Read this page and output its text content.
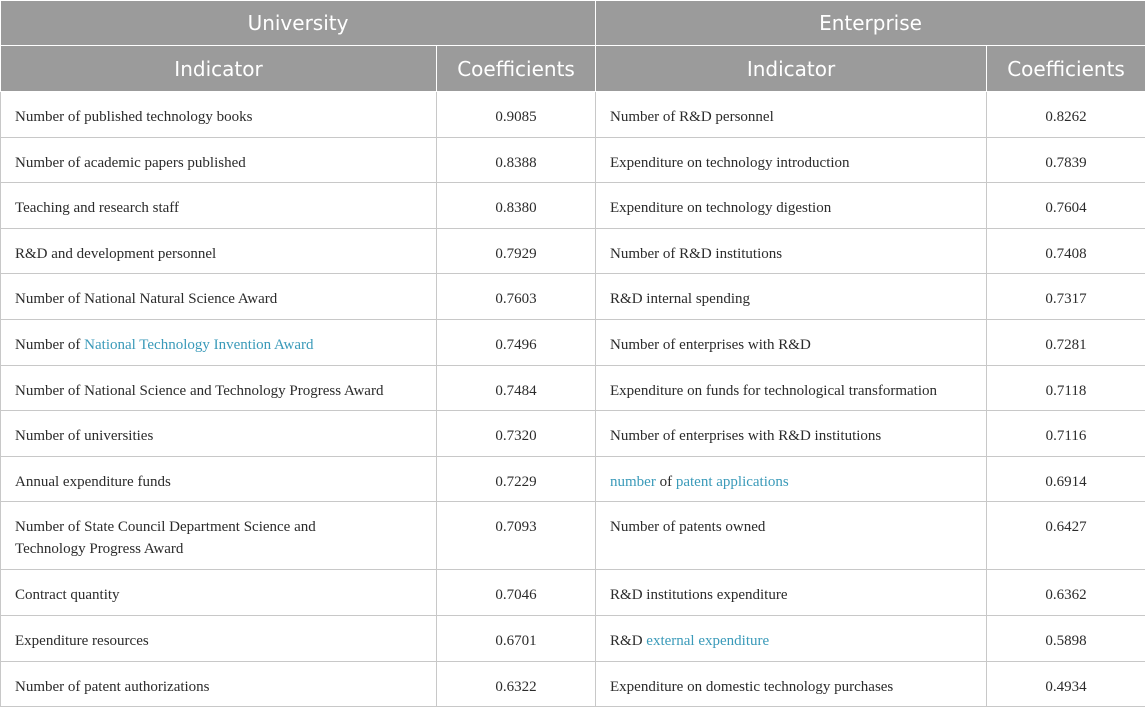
University		Enterprise	
Indicator	Coefficients	Indicator	Coefficients
Number of published technology books	0.9085	Number of R&D personnel	0.8262
Number of academic papers published	0.8388	Expenditure on technology introduction	0.7839
Teaching and research staff	0.8380	Expenditure on technology digestion	0.7604
R&D and development personnel	0.7929	Number of R&D institutions	0.7408
Number of National Natural Science Award	0.7603	R&D internal spending	0.7317
Number of National Technology Invention Award	0.7496	Number of enterprises with R&D	0.7281
Number of National Science and Technology Progress Award	0.7484	Expenditure on funds for technological transformation	0.7118
Number of universities	0.7320	Number of enterprises with R&D institutions	0.7116
Annual expenditure funds	0.7229	number of patent applications	0.6914
Number of State Council Department Science and
Technology Progress Award	0.7093	Number of patents owned	0.6427
Contract quantity	0.7046	R&D institutions expenditure	0.6362
Expenditure resources	0.6701	R&D external expenditure	0.5898
Number of patent authorizations	0.6322	Expenditure on domestic technology purchases	0.4934
